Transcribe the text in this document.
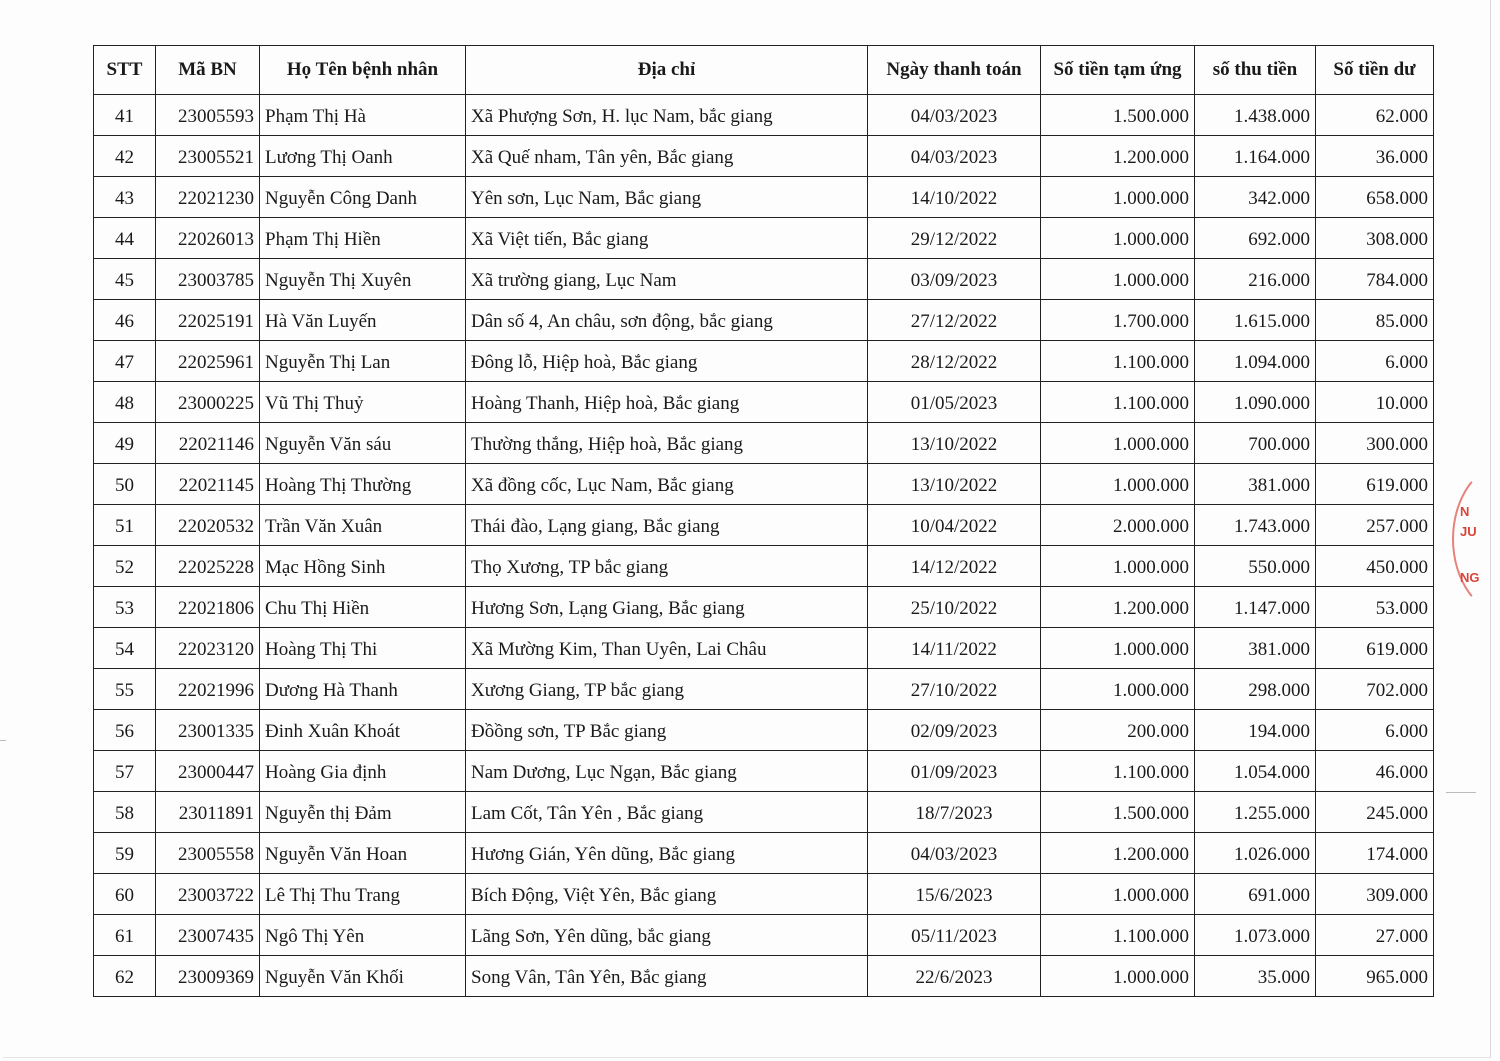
STT	Mã BN	Họ Tên bệnh nhân	Địa chỉ	Ngày thanh toán	Số tiền tạm ứng	số thu tiền	Số tiền dư
41	23005593	Phạm Thị Hà	Xã Phượng Sơn, H. lục Nam, bắc giang	04/03/2023	1.500.000	1.438.000	62.000
42	23005521	Lương Thị Oanh	Xã Quế nham, Tân yên, Bắc giang	04/03/2023	1.200.000	1.164.000	36.000
43	22021230	Nguyễn Công Danh	Yên sơn, Lục Nam, Bắc giang	14/10/2022	1.000.000	342.000	658.000
44	22026013	Phạm Thị Hiền	Xã Việt tiến, Bắc giang	29/12/2022	1.000.000	692.000	308.000
45	23003785	Nguyễn Thị Xuyên	Xã trường giang, Lục Nam	03/09/2023	1.000.000	216.000	784.000
46	22025191	Hà Văn Luyến	Dân số 4, An châu, sơn động, bắc giang	27/12/2022	1.700.000	1.615.000	85.000
47	22025961	Nguyễn Thị Lan	Đông lỗ, Hiệp hoà, Bắc giang	28/12/2022	1.100.000	1.094.000	6.000
48	23000225	Vũ Thị Thuỷ	Hoàng Thanh, Hiệp hoà, Bắc giang	01/05/2023	1.100.000	1.090.000	10.000
49	22021146	Nguyễn Văn sáu	Thường thắng, Hiệp hoà, Bắc giang	13/10/2022	1.000.000	700.000	300.000
50	22021145	Hoàng Thị Thường	Xã đồng cốc, Lục Nam, Bắc giang	13/10/2022	1.000.000	381.000	619.000
51	22020532	Trần Văn Xuân	Thái đào, Lạng giang, Bắc giang	10/04/2022	2.000.000	1.743.000	257.000
52	22025228	Mạc Hồng Sinh	Thọ Xương, TP bắc giang	14/12/2022	1.000.000	550.000	450.000
53	22021806	Chu Thị Hiền	Hương Sơn, Lạng Giang, Bắc giang	25/10/2022	1.200.000	1.147.000	53.000
54	22023120	Hoàng Thị Thi	Xã Mường Kim, Than Uyên, Lai Châu	14/11/2022	1.000.000	381.000	619.000
55	22021996	Dương Hà Thanh	Xương Giang, TP bắc giang	27/10/2022	1.000.000	298.000	702.000
56	23001335	Đinh Xuân Khoát	Đồồng sơn, TP Bắc giang	02/09/2023	200.000	194.000	6.000
57	23000447	Hoàng Gia định	Nam Dương, Lục Ngạn, Bắc giang	01/09/2023	1.100.000	1.054.000	46.000
58	23011891	Nguyễn thị Đảm	Lam Cốt, Tân Yên , Bắc giang	18/7/2023	1.500.000	1.255.000	245.000
59	23005558	Nguyễn Văn Hoan	Hương Gián, Yên dũng, Bắc giang	04/03/2023	1.200.000	1.026.000	174.000
60	23003722	Lê Thị Thu Trang	Bích Động, Việt Yên, Bắc giang	15/6/2023	1.000.000	691.000	309.000
61	23007435	Ngô Thị Yên	Lãng Sơn, Yên dũng, bắc giang	05/11/2023	1.100.000	1.073.000	27.000
62	23009369	Nguyễn Văn Khối	Song Vân, Tân Yên, Bắc giang	22/6/2023	1.000.000	35.000	965.000
N
JU
NG
